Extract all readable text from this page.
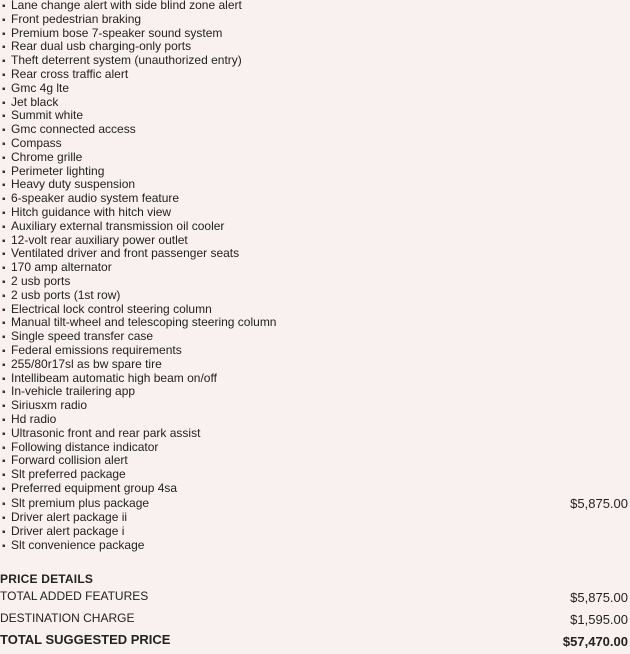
▪ Lane change alert with side blind zone alert
▪ Front pedestrian braking
▪ Premium bose 7-speaker sound system
▪ Rear dual usb charging-only ports
▪ Theft deterrent system (unauthorized entry)
▪ Rear cross traffic alert
▪ Gmc 4g lte
▪ Jet black
▪ Summit white
▪ Gmc connected access
▪ Compass
▪ Chrome grille
▪ Perimeter lighting
▪ Heavy duty suspension
▪ 6-speaker audio system feature
▪ Hitch guidance with hitch view
▪ Auxiliary external transmission oil cooler
▪ 12-volt rear auxiliary power outlet
▪ Ventilated driver and front passenger seats
▪ 170 amp alternator
▪ 2 usb ports
▪ 2 usb ports (1st row)
▪ Electrical lock control steering column
▪ Manual tilt-wheel and telescoping steering column
▪ Single speed transfer case
▪ Federal emissions requirements
▪ 255/80r17sl as bw spare tire
▪ Intellibeam automatic high beam on/off
▪ In-vehicle trailering app
▪ Siriusxm radio
▪ Hd radio
▪ Ultrasonic front and rear park assist
▪ Following distance indicator
▪ Forward collision alert
▪ Slt preferred package
▪ Preferred equipment group 4sa
▪ Slt premium plus package	$5,875.00
▪ Driver alert package ii
▪ Driver alert package i
▪ Slt convenience package
PRICE DETAILS
TOTAL ADDED FEATURES	$5,875.00
DESTINATION CHARGE	$1,595.00
TOTAL SUGGESTED PRICE	$57,470.00
